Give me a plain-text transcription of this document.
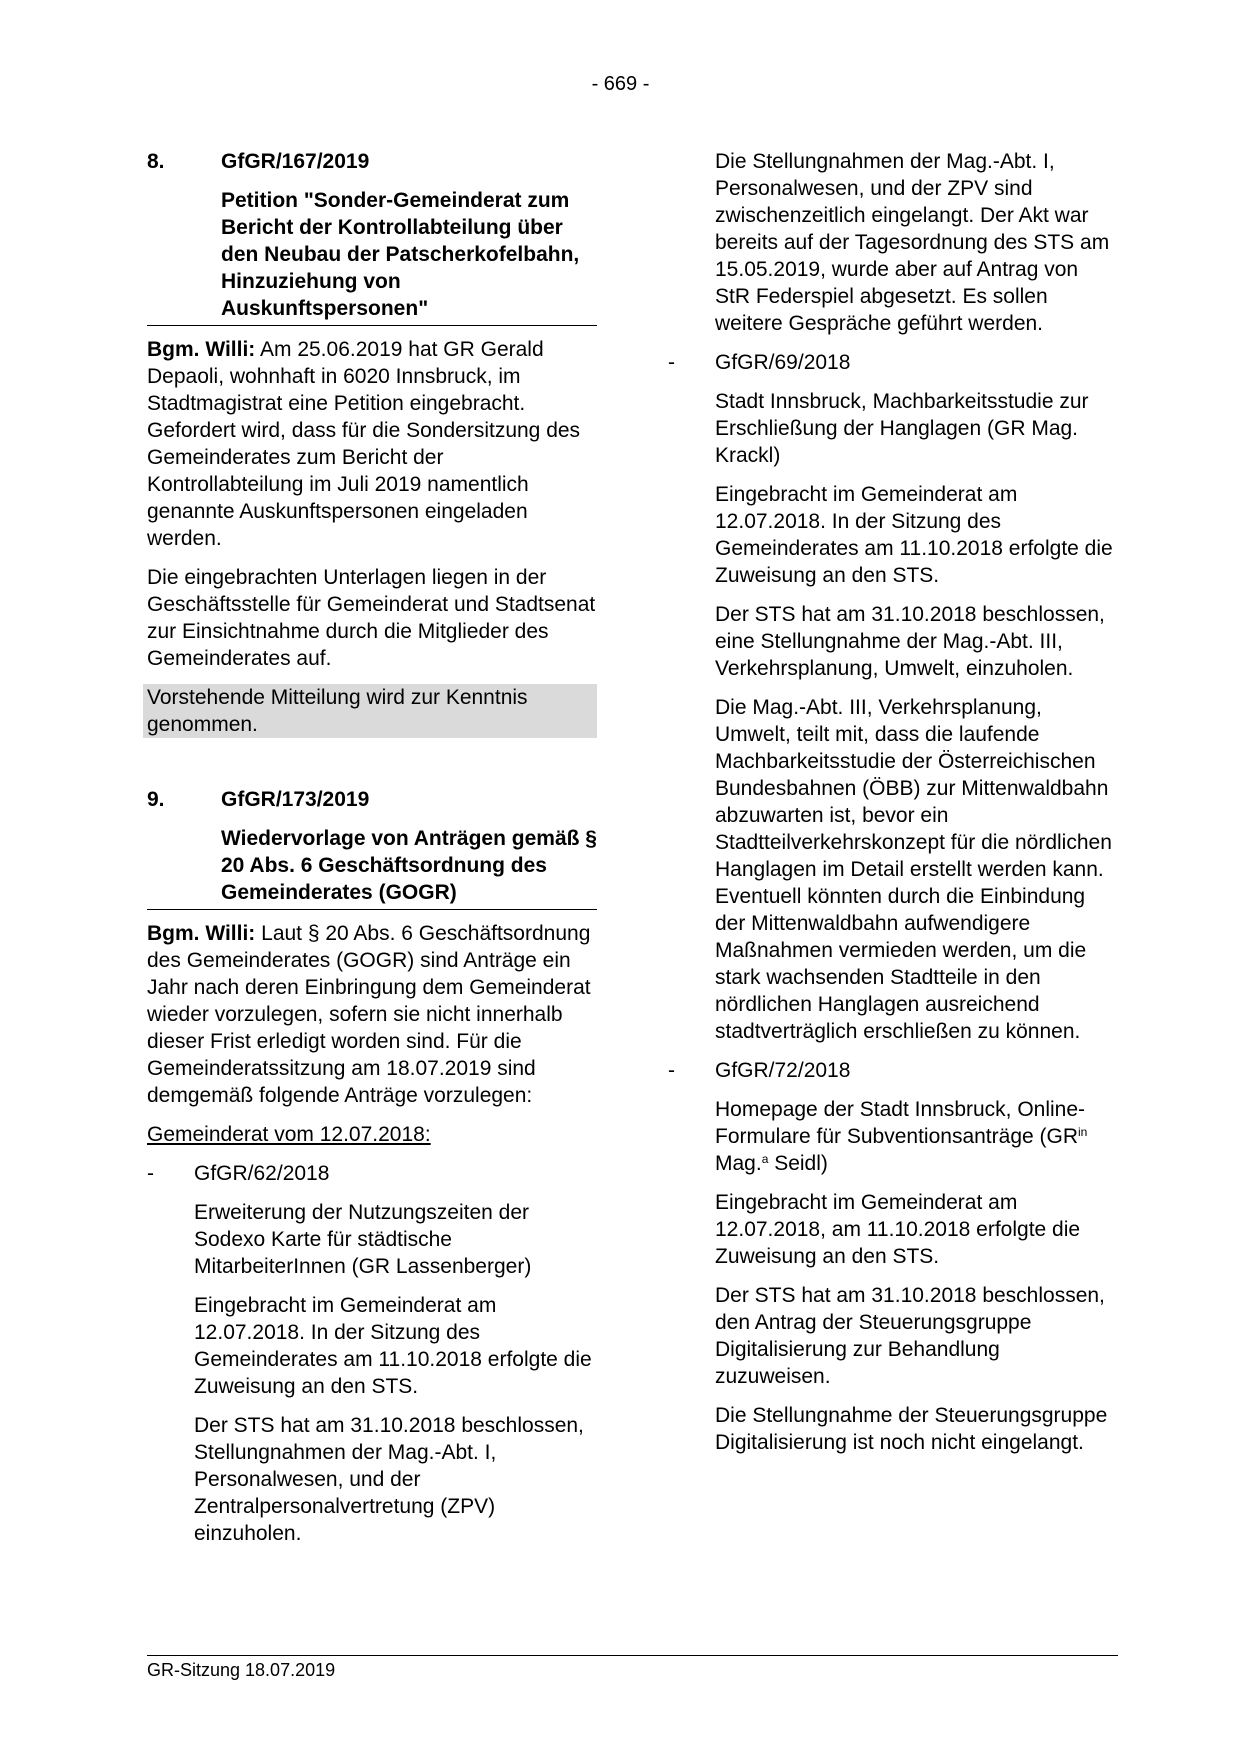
- 669 -
8.	GfGR/167/2019
Petition "Sonder-Gemeinderat zum Bericht der Kontrollabteilung über den Neubau der Patscherkofelbahn, Hinzuziehung von Auskunftspersonen"

Bgm. Willi: Am 25.06.2019 hat GR Gerald Depaoli, wohnhaft in 6020 Innsbruck, im Stadtmagistrat eine Petition eingebracht. Gefordert wird, dass für die Sondersitzung des Gemeinderates zum Bericht der Kontrollabteilung im Juli 2019 namentlich genannte Auskunftspersonen eingeladen werden.

Die eingebrachten Unterlagen liegen in der Geschäftsstelle für Gemeinderat und Stadtsenat zur Einsichtnahme durch die Mitglieder des Gemeinderates auf.

Vorstehende Mitteilung wird zur Kenntnis genommen.

9.	GfGR/173/2019
Wiedervorlage von Anträgen gemäß § 20 Abs. 6 Geschäftsordnung des Gemeinderates (GOGR)

Bgm. Willi: Laut § 20 Abs. 6 Geschäftsordnung des Gemeinderates (GOGR) sind Anträge ein Jahr nach deren Einbringung dem Gemeinderat wieder vorzulegen, sofern sie nicht innerhalb dieser Frist erledigt worden sind. Für die Gemeinderatssitzung am 18.07.2019 sind demgemäß folgende Anträge vorzulegen:

Gemeinderat vom 12.07.2018:

-	GfGR/62/2018

Erweiterung der Nutzungszeiten der Sodexo Karte für städtische MitarbeiterInnen (GR Lassenberger)

Eingebracht im Gemeinderat am 12.07.2018. In der Sitzung des Gemeinderates am 11.10.2018 erfolgte die Zuweisung an den STS.

Der STS hat am 31.10.2018 beschlossen, Stellungnahmen der Mag.-Abt. I, Personalwesen, und der Zentralpersonalvertretung (ZPV) einzuholen.

Die Stellungnahmen der Mag.-Abt. I, Personalwesen, und der ZPV sind zwischenzeitlich eingelangt. Der Akt war bereits auf der Tagesordnung des STS am 15.05.2019, wurde aber auf Antrag von StR Federspiel abgesetzt. Es sollen weitere Gespräche geführt werden.

-	GfGR/69/2018

Stadt Innsbruck, Machbarkeitsstudie zur Erschließung der Hanglagen (GR Mag. Krackl)

Eingebracht im Gemeinderat am 12.07.2018. In der Sitzung des Gemeinderates am 11.10.2018 erfolgte die Zuweisung an den STS.

Der STS hat am 31.10.2018 beschlossen, eine Stellungnahme der Mag.-Abt. III, Verkehrsplanung, Umwelt, einzuholen.

Die Mag.-Abt. III, Verkehrsplanung, Umwelt, teilt mit, dass die laufende Machbarkeitsstudie der Österreichischen Bundesbahnen (ÖBB) zur Mittenwaldbahn abzuwarten ist, bevor ein Stadtteilverkehrskonzept für die nördlichen Hanglagen im Detail erstellt werden kann. Eventuell könnten durch die Einbindung der Mittenwaldbahn aufwendigere Maßnahmen vermieden werden, um die stark wachsenden Stadtteile in den nördlichen Hanglagen ausreichend stadtverträglich erschließen zu können.

-	GfGR/72/2018

Homepage der Stadt Innsbruck, Online-Formulare für Subventionsanträge ($GR^{in}$ Mag.$^a$ Seidl)

Eingebracht im Gemeinderat am 12.07.2018, am 11.10.2018 erfolgte die Zuweisung an den STS.

Der STS hat am 31.10.2018 beschlossen, den Antrag der Steuerungsgruppe Digitalisierung zur Behandlung zuzuweisen.

Die Stellungnahme der Steuerungsgruppe Digitalisierung ist noch nicht eingelangt.

GR-Sitzung 18.07.2019
